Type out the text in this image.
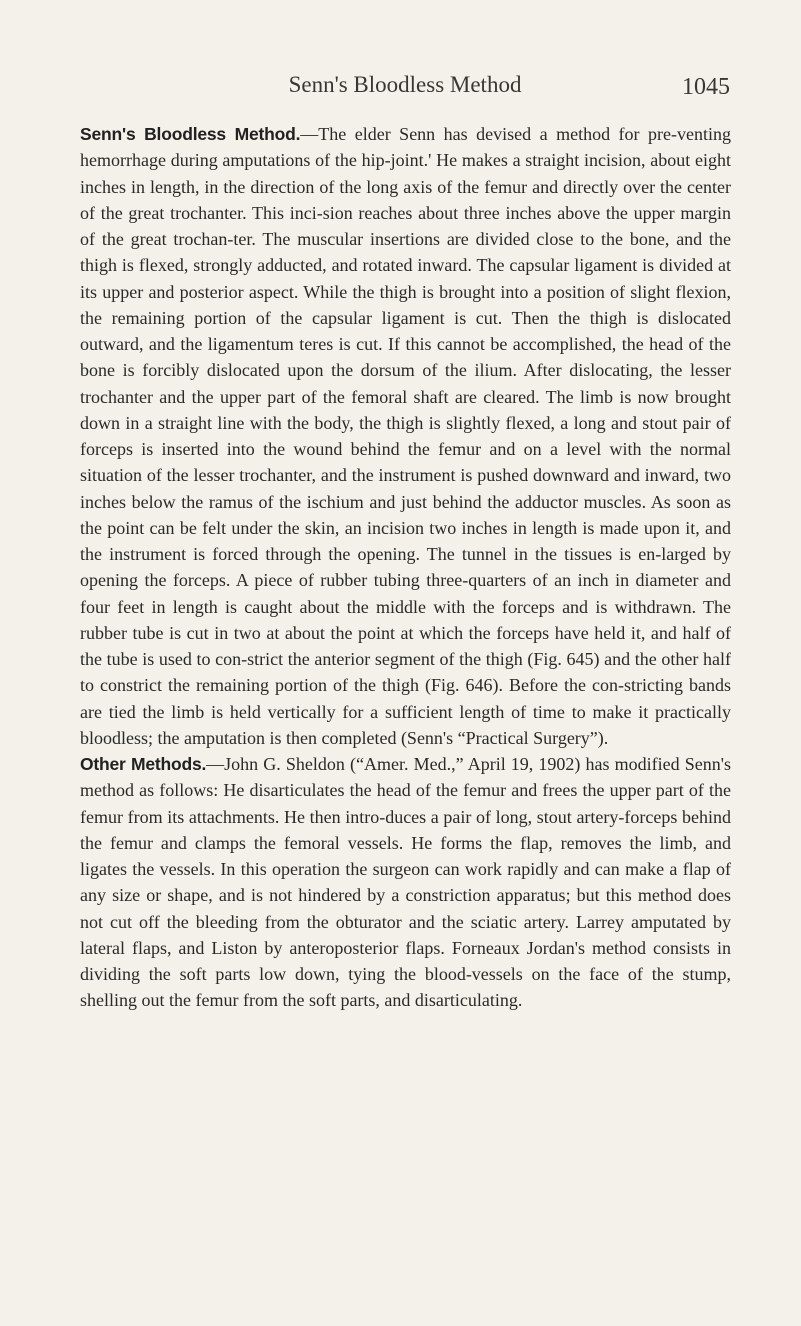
Senn's Bloodless Method	1045

Senn's Bloodless Method.—The elder Senn has devised a method for pre-venting hemorrhage during amputations of the hip-joint.' He makes a straight incision, about eight inches in length, in the direction of the long axis of the femur and directly over the center of the great trochanter. This inci-sion reaches about three inches above the upper margin of the great trochan-ter. The muscular insertions are divided close to the bone, and the thigh is flexed, strongly adducted, and rotated inward. The capsular ligament is divided at its upper and posterior aspect. While the thigh is brought into a position of slight flexion, the remaining portion of the capsular ligament is cut. Then the thigh is dislocated outward, and the ligamentum teres is cut. If this cannot be accomplished, the head of the bone is forcibly dislocated upon the dorsum of the ilium. After dislocating, the lesser trochanter and the upper part of the femoral shaft are cleared. The limb is now brought down in a straight line with the body, the thigh is slightly flexed, a long and stout pair of forceps is inserted into the wound behind the femur and on a level with the normal situation of the lesser trochanter, and the instrument is pushed downward and inward, two inches below the ramus of the ischium and just behind the adductor muscles. As soon as the point can be felt under the skin, an incision two inches in length is made upon it, and the instrument is forced through the opening. The tunnel in the tissues is en-larged by opening the forceps. A piece of rubber tubing three-quarters of an inch in diameter and four feet in length is caught about the middle with the forceps and is withdrawn. The rubber tube is cut in two at about the point at which the forceps have held it, and half of the tube is used to con-strict the anterior segment of the thigh (Fig. 645) and the other half to constrict the remaining portion of the thigh (Fig. 646). Before the con-stricting bands are tied the limb is held vertically for a sufficient length of time to make it practically bloodless; the amputation is then completed (Senn's “Practical Surgery”).

Other Methods.—John G. Sheldon (“Amer. Med.,” April 19, 1902) has modified Senn's method as follows: He disarticulates the head of the femur and frees the upper part of the femur from its attachments. He then intro-duces a pair of long, stout artery-forceps behind the femur and clamps the femoral vessels. He forms the flap, removes the limb, and ligates the vessels. In this operation the surgeon can work rapidly and can make a flap of any size or shape, and is not hindered by a constriction apparatus; but this method does not cut off the bleeding from the obturator and the sciatic artery. Larrey amputated by lateral flaps, and Liston by anteroposterior flaps. Forneaux Jordan's method consists in dividing the soft parts low down, tying the blood-vessels on the face of the stump, shelling out the femur from the soft parts, and disarticulating.
